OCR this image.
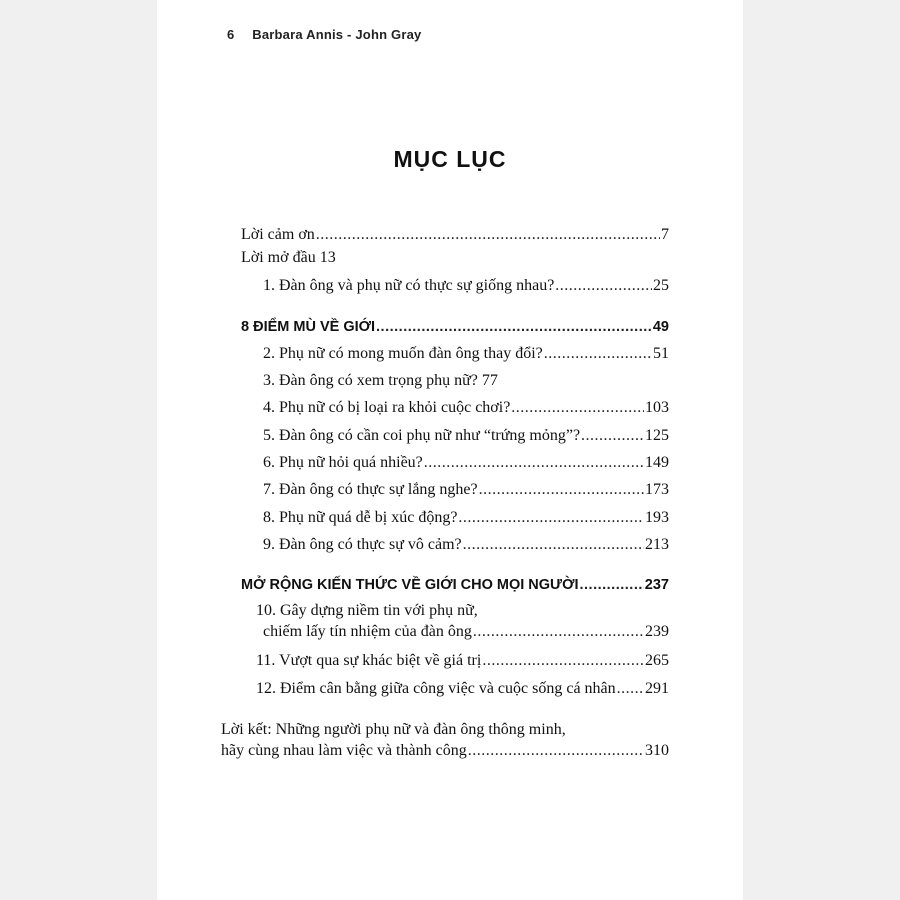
6 Barbara Annis - John Gray
MỤC LỤC
Lời cảm ơn .....	7
Lời mở đầu 13
1. Đàn ông và phụ nữ có thực sự giống nhau? .....	25
8 ĐIỂM MÙ VỀ GIỚI .....	49
2. Phụ nữ có mong muốn đàn ông thay đổi? .....	51
3. Đàn ông có xem trọng phụ nữ? 77
4. Phụ nữ có bị loại ra khỏi cuộc chơi? .....	103
5. Đàn ông có cần coi phụ nữ như “trứng mỏng”? .....	125
6. Phụ nữ hỏi quá nhiều? .....	149
7. Đàn ông có thực sự lắng nghe? .....	173
8. Phụ nữ quá dễ bị xúc động? .....	193
9. Đàn ông có thực sự vô cảm? .....	213
MỞ RỘNG KIẾN THỨC VỀ GIỚI CHO MỌI NGƯỜI .....	237
10. Gây dựng niềm tin với phụ nữ,
chiếm lấy tín nhiệm của đàn ông .....	239
11. Vượt qua sự khác biệt về giá trị .....	265
12. Điểm cân bằng giữa công việc và cuộc sống cá nhân ..... 291
Lời kết: Những người phụ nữ và đàn ông thông minh,
hãy cùng nhau làm việc và thành công .....	310
